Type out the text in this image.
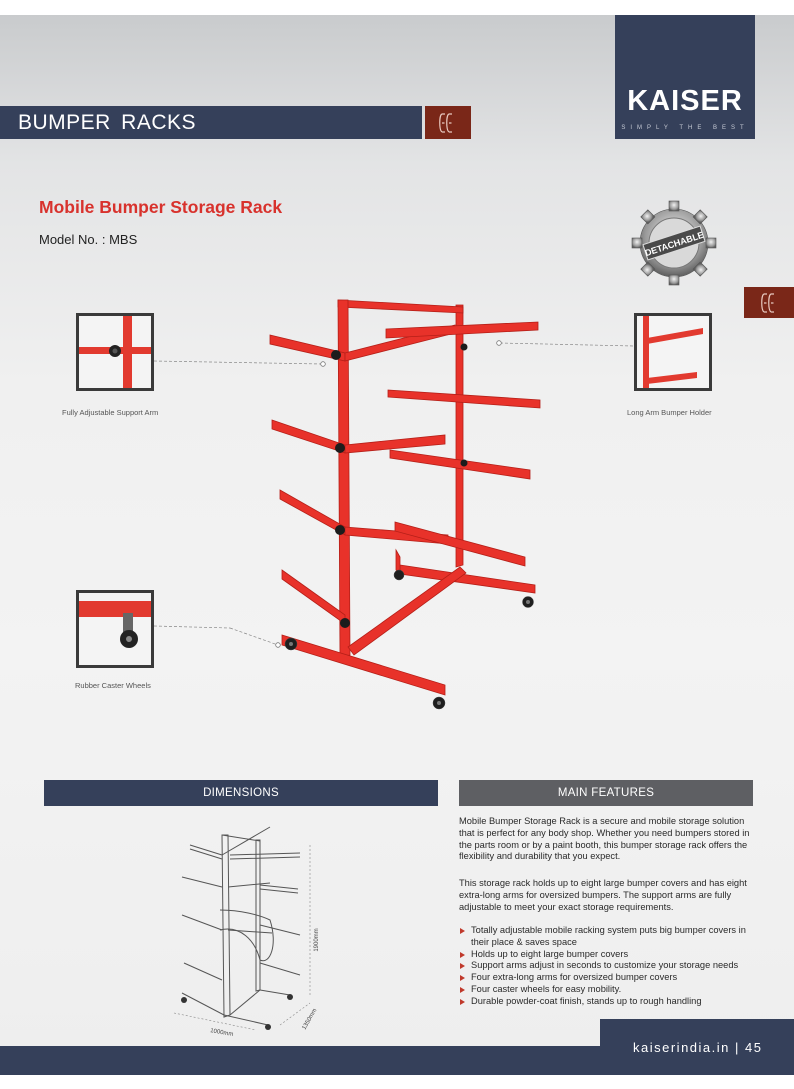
BUMPER RACKS
KAISER
SIMPLY THE BEST
Mobile Bumper Storage Rack
Model No. : MBS	DETACHABLE
Fully Adjustable Support Arm	Long Arm Bumper Holder
Rubber Caster Wheels
DIMENSIONS	MAIN FEATURES
1900mm
1000mm
1350mm
Mobile Bumper Storage Rack is a secure and mobile storage solution that is perfect for any body shop. Whether you need bumpers stored in the parts room or by a paint booth, this bumper storage rack offers the flexibility and durability that you expect.
This storage rack holds up to eight large bumper covers and has eight extra-long arms for oversized bumpers. The support arms are fully adjustable to meet your exact storage requirements.
Totally adjustable mobile racking system puts big bumper covers in their place & saves space
Holds up to eight large bumper covers
Support arms adjust in seconds to customize your storage needs
Four extra-long arms for oversized bumper covers
Four caster wheels for easy mobility.
Durable powder-coat finish, stands up to rough handling
kaiserindia.in | 45
